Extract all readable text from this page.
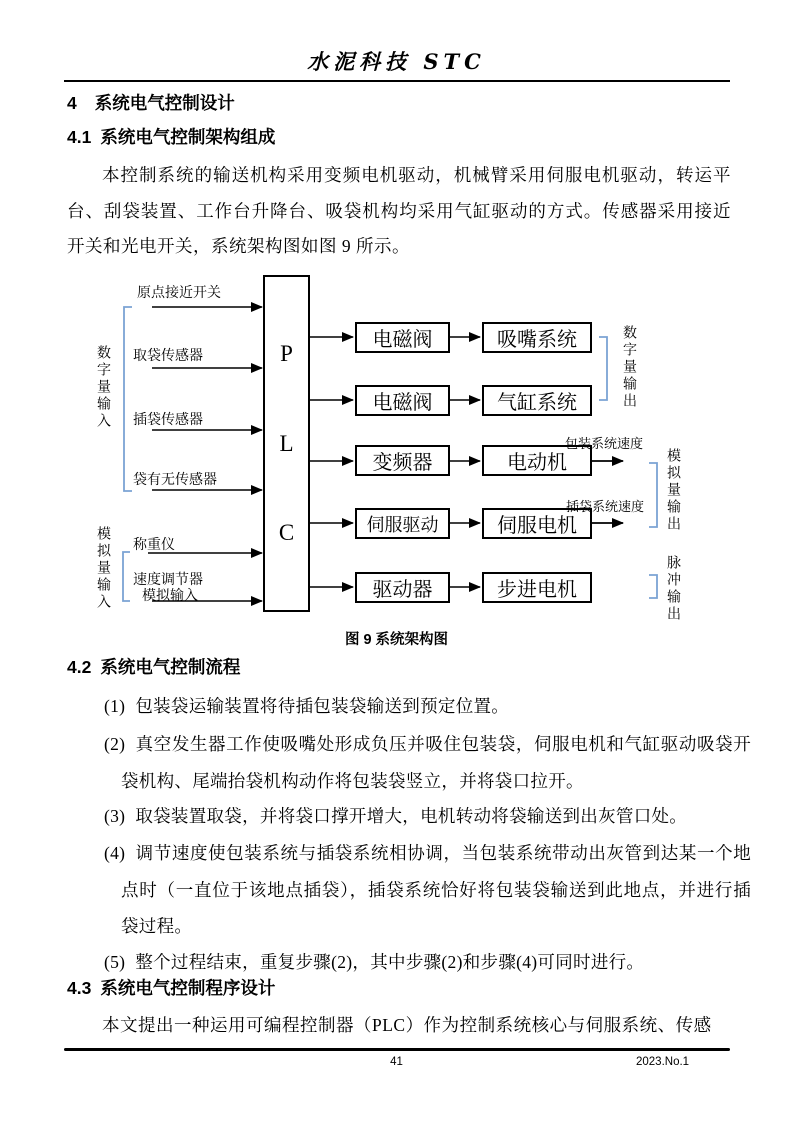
水泥科技 STC
4 系统电气控制设计
4.1 系统电气控制架构组成
本控制系统的输送机构采用变频电机驱动，机械臂采用伺服电机驱动，转运平台、刮袋装置、工作台升降台、吸袋机构均采用气缸驱动的方式。传感器采用接近开关和光电开关，系统架构图如图 9 所示。
P
L
C
电磁阀	吸嘴系统
电磁阀	气缸系统
变频器	电动机
伺服驱动	伺服电机
驱动器	步进电机
原点接近开关
取袋传感器
插袋传感器
袋有无传感器
称重仪
速度调节器
模拟输入
数字量输入
模拟量输入
数字量输出
模拟量输出
脉冲输出
包装系统速度
插袋系统速度
图 9 系统架构图
4.2 系统电气控制流程
(1) 包装袋运输装置将待插包装袋输送到预定位置。
(2) 真空发生器工作使吸嘴处形成负压并吸住包装袋，伺服电机和气缸驱动吸袋开袋机构、尾端抬袋机构动作将包装袋竖立，并将袋口拉开。
(3) 取袋装置取袋，并将袋口撑开增大，电机转动将袋输送到出灰管口处。
(4) 调节速度使包装系统与插袋系统相协调，当包装系统带动出灰管到达某一个地点时（一直位于该地点插袋），插袋系统恰好将包装袋输送到此地点，并进行插袋过程。
(5) 整个过程结束，重复步骤(2)，其中步骤(2)和步骤(4)可同时进行。
4.3 系统电气控制程序设计
本文提出一种运用可编程控制器（PLC）作为控制系统核心与伺服系统、传感
41	2023.No.1
